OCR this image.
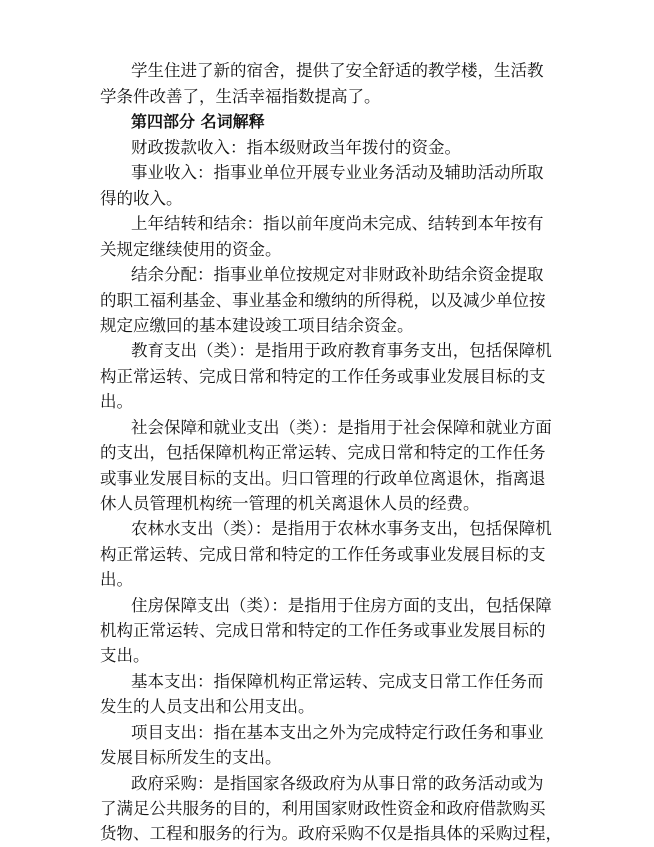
学生住进了新的宿舍，提供了安全舒适的教学楼，生活教
学条件改善了，生活幸福指数提高了。
第四部分 名词解释
财政拨款收入：指本级财政当年拨付的资金。
事业收入：指事业单位开展专业业务活动及辅助活动所取
得的收入。
上年结转和结余：指以前年度尚未完成、结转到本年按有
关规定继续使用的资金。
结余分配：指事业单位按规定对非财政补助结余资金提取
的职工福利基金、事业基金和缴纳的所得税，以及减少单位按
规定应缴回的基本建设竣工项目结余资金。
教育支出（类）：是指用于政府教育事务支出，包括保障机
构正常运转、完成日常和特定的工作任务或事业发展目标的支
出。
社会保障和就业支出（类）：是指用于社会保障和就业方面
的支出，包括保障机构正常运转、完成日常和特定的工作任务
或事业发展目标的支出。归口管理的行政单位离退休，指离退
休人员管理机构统一管理的机关离退休人员的经费。
农林水支出（类）：是指用于农林水事务支出，包括保障机
构正常运转、完成日常和特定的工作任务或事业发展目标的支
出。
住房保障支出（类）：是指用于住房方面的支出，包括保障
机构正常运转、完成日常和特定的工作任务或事业发展目标的
支出。
基本支出：指保障机构正常运转、完成支日常工作任务而
发生的人员支出和公用支出。
项目支出：指在基本支出之外为完成特定行政任务和事业
发展目标所发生的支出。
政府采购：是指国家各级政府为从事日常的政务活动或为
了满足公共服务的目的，利用国家财政性资金和政府借款购买
货物、工程和服务的行为。政府采购不仅是指具体的采购过程，
